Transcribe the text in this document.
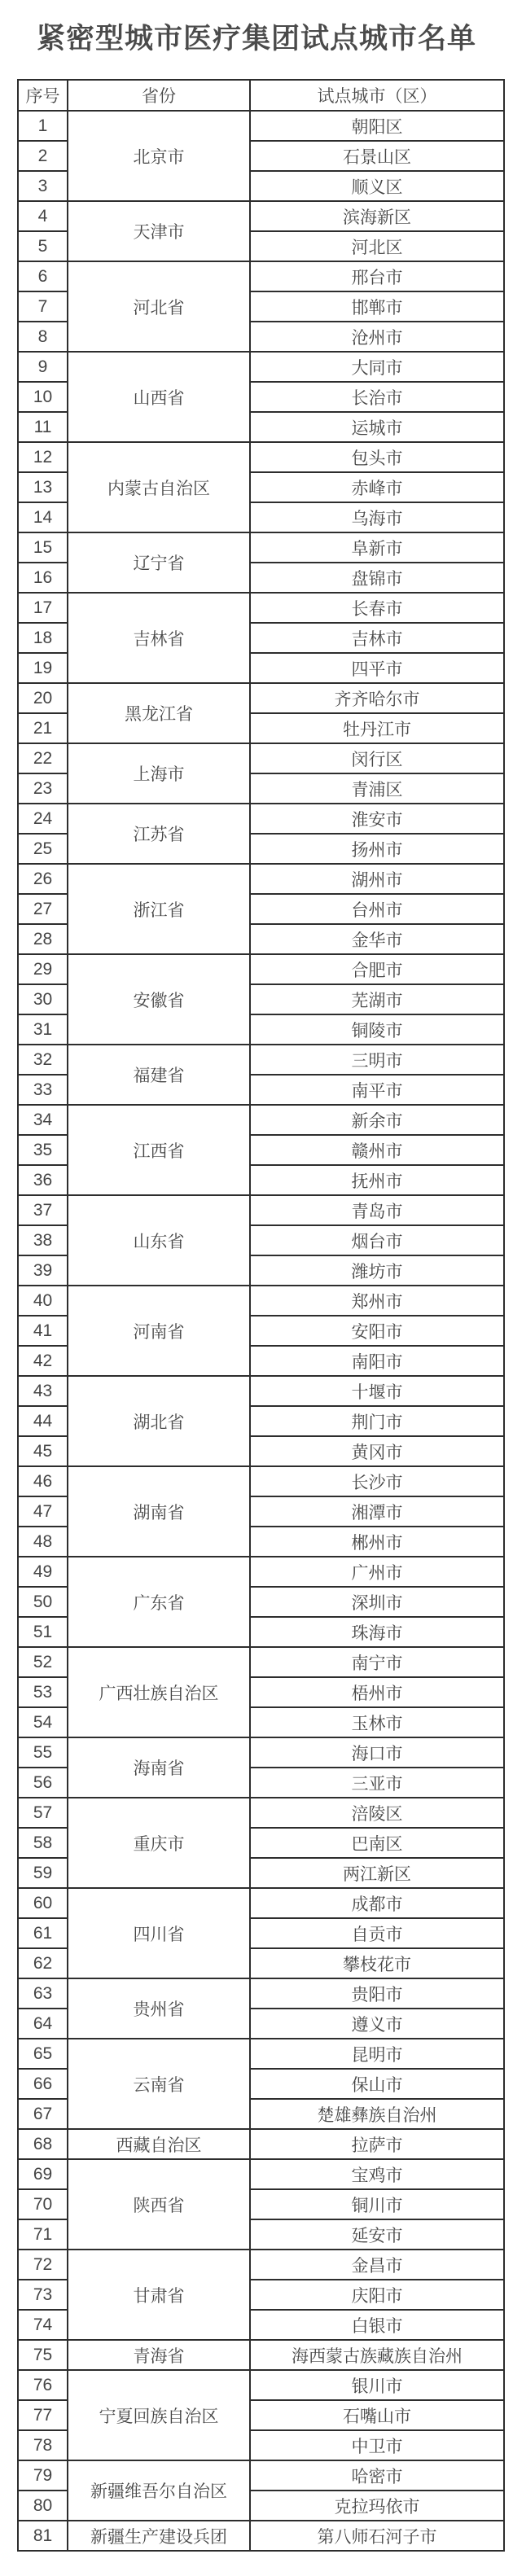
紧密型城市医疗集团试点城市名单
序号	省份	试点城市（区）
1	北京市	朝阳区
2		石景山区
3		顺义区
4	天津市	滨海新区
5		河北区
6	河北省	邢台市
7		邯郸市
8		沧州市
9	山西省	大同市
10		长治市
11		运城市
12	内蒙古自治区	包头市
13		赤峰市
14		乌海市
15	辽宁省	阜新市
16		盘锦市
17	吉林省	长春市
18		吉林市
19		四平市
20	黑龙江省	齐齐哈尔市
21		牡丹江市
22	上海市	闵行区
23		青浦区
24	江苏省	淮安市
25		扬州市
26	浙江省	湖州市
27		台州市
28		金华市
29	安徽省	合肥市
30		芜湖市
31		铜陵市
32	福建省	三明市
33		南平市
34	江西省	新余市
35		赣州市
36		抚州市
37	山东省	青岛市
38		烟台市
39		潍坊市
40	河南省	郑州市
41		安阳市
42		南阳市
43	湖北省	十堰市
44		荆门市
45		黄冈市
46	湖南省	长沙市
47		湘潭市
48		郴州市
49	广东省	广州市
50		深圳市
51		珠海市
52	广西壮族自治区	南宁市
53		梧州市
54		玉林市
55	海南省	海口市
56		三亚市
57	重庆市	涪陵区
58		巴南区
59		两江新区
60	四川省	成都市
61		自贡市
62		攀枝花市
63	贵州省	贵阳市
64		遵义市
65	云南省	昆明市
66		保山市
67		楚雄彝族自治州
68	西藏自治区	拉萨市
69	陕西省	宝鸡市
70		铜川市
71		延安市
72	甘肃省	金昌市
73		庆阳市
74		白银市
75	青海省	海西蒙古族藏族自治州
76	宁夏回族自治区	银川市
77		石嘴山市
78		中卫市
79	新疆维吾尔自治区	哈密市
80		克拉玛依市
81	新疆生产建设兵团	第八师石河子市
